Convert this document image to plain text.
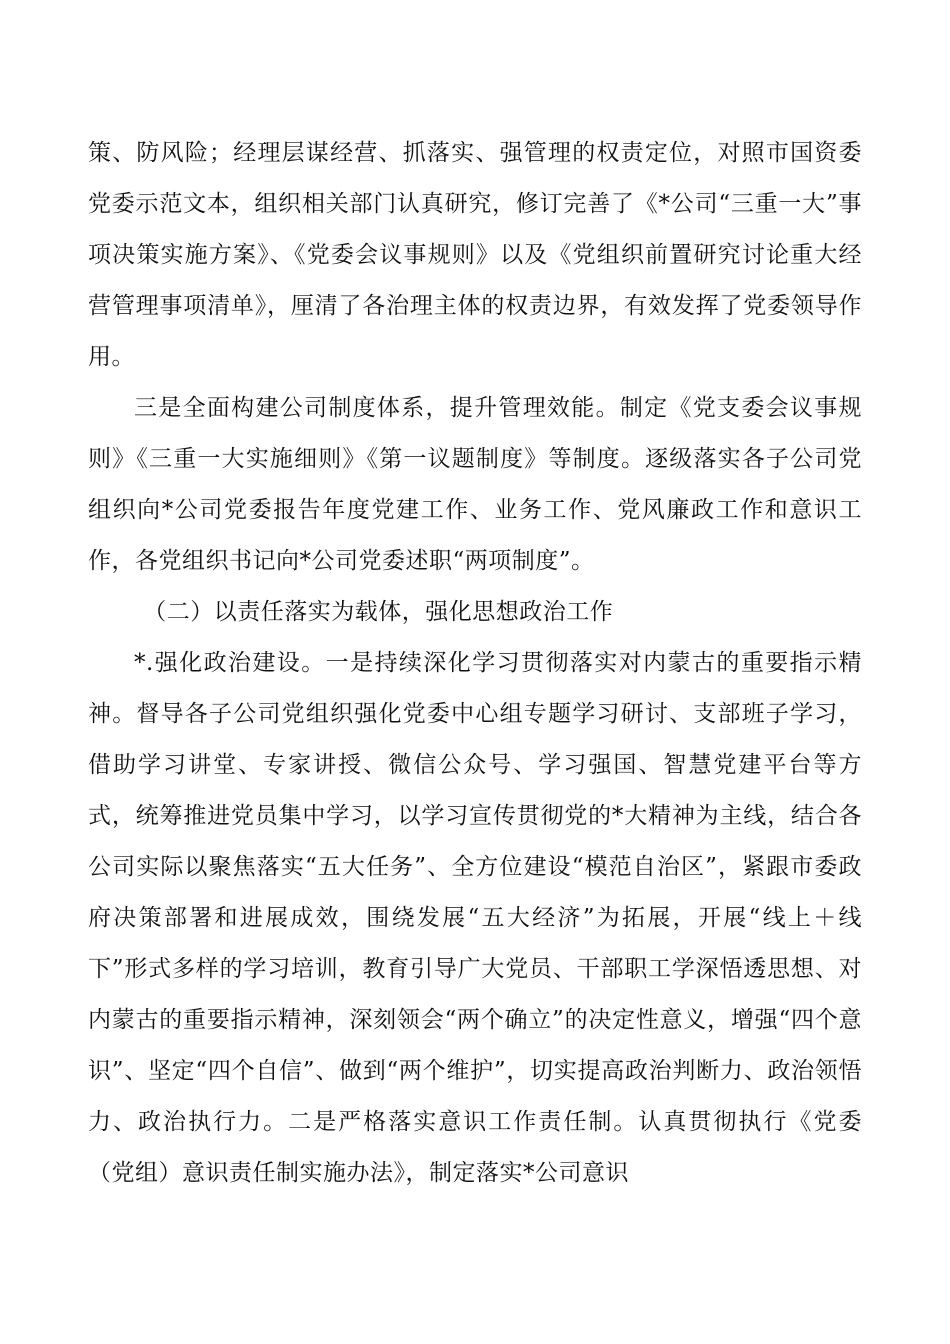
策、防风险；经理层谋经营、抓落实、强管理的权责定位，对照市国资委党委示范文本，组织相关部门认真研究，修订完善了《*公司“三重一大”事项决策实施方案》、《党委会议事规则》以及《党组织前置研究讨论重大经营管理事项清单》，厘清了各治理主体的权责边界，有效发挥了党委领导作用。

三是全面构建公司制度体系，提升管理效能。制定《党支委会议事规则》《三重一大实施细则》《第一议题制度》等制度。逐级落实各子公司党组织向*公司党委报告年度党建工作、业务工作、党风廉政工作和意识工作，各党组织书记向*公司党委述职“两项制度”。

（二）以责任落实为载体，强化思想政治工作

*.强化政治建设。一是持续深化学习贯彻落实对内蒙古的重要指示精神。督导各子公司党组织强化党委中心组专题学习研讨、支部班子学习，借助学习讲堂、专家讲授、微信公众号、学习强国、智慧党建平台等方式，统筹推进党员集中学习，以学习宣传贯彻党的*大精神为主线，结合各公司实际以聚焦落实“五大任务”、全方位建设“模范自治区”，紧跟市委政府决策部署和进展成效，围绕发展“五大经济”为拓展，开展“线上＋线下”形式多样的学习培训，教育引导广大党员、干部职工学深悟透思想、对内蒙古的重要指示精神，深刻领会“两个确立”的决定性意义，增强“四个意识”、坚定“四个自信”、做到“两个维护”，切实提高政治判断力、政治领悟力、政治执行力。二是严格落实意识工作责任制。认真贯彻执行《党委（党组）意识责任制实施办法》，制定落实*公司意识
